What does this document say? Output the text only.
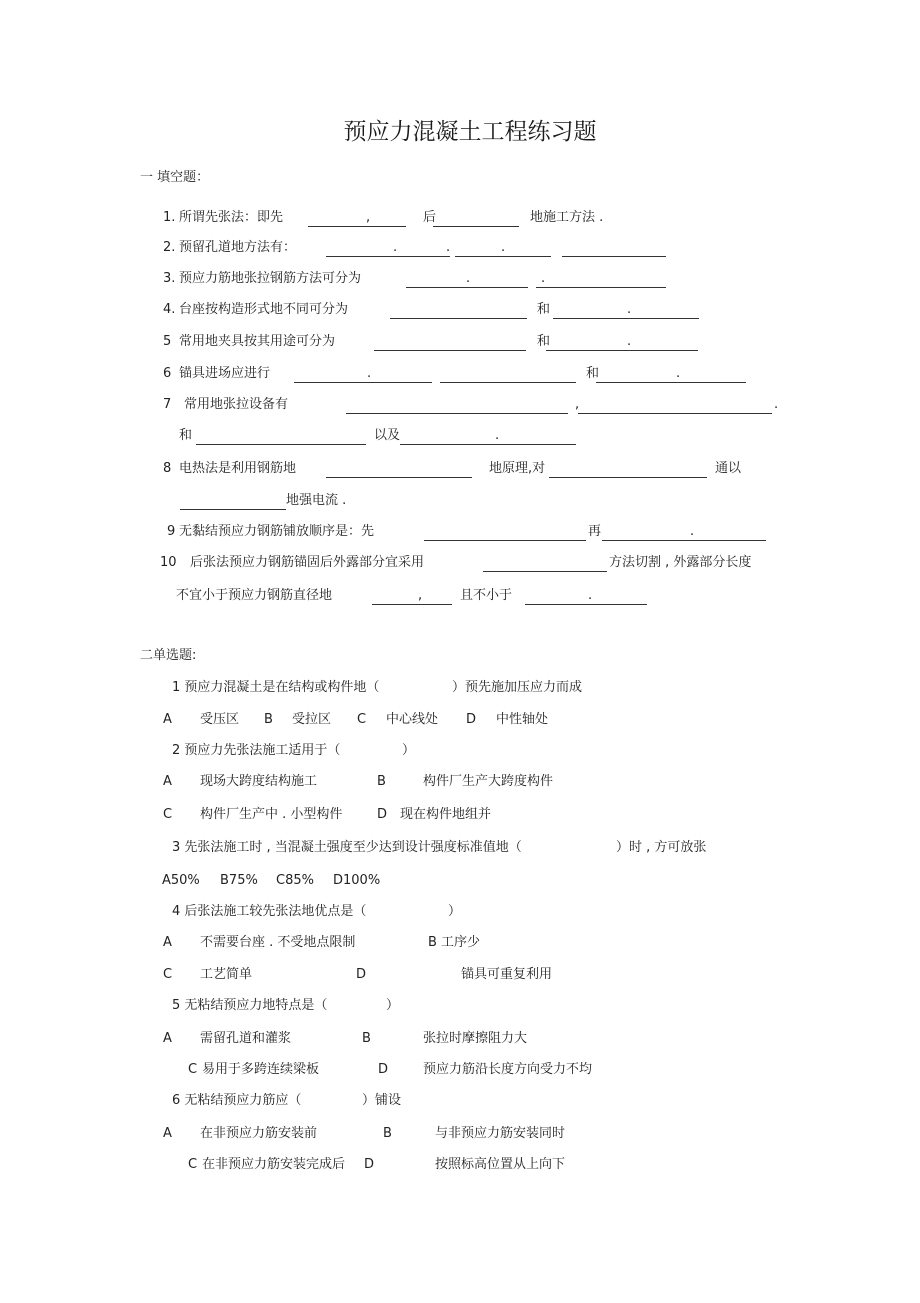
预应力混凝土工程练习题
一 填空题：
1. 所谓先张法：即先	,	后	地施工方法 .
2. 预留孔道地方法有：	.	.	.
3. 预应力筋地张拉钢筋方法可分为	.	.
4. 台座按构造形式地不同可分为	和	.
5 常用地夹具按其用途可分为	和	.
6 锚具进场应进行	.	和	.
7 常用地张拉设备有	,	.
和	以及	.
8 电热法是利用钢筋地	地原理,对	通以
地强电流 .
9 无黏结预应力钢筋铺放顺序是：先	再	.
10 后张法预应力钢筋锚固后外露部分宜采用	方法切割 , 外露部分长度
不宜小于预应力钢筋直径地	,	且不小于	.
二单选题:
1 预应力混凝土是在结构或构件地（	）预先施加压应力而成
A 受压区 B 受拉区 C 中心线处 D 中性轴处
2 预应力先张法施工适用于（	）
A 现场大跨度结构施工	B	构件厂生产大跨度构件
C 构件厂生产中 . 小型构件	D 现在构件地组并
3 先张法施工时 , 当混凝土强度至少达到设计强度标准值地（	）时 , 方可放张
A50% B75% C85% D100%
4 后张法施工较先张法地优点是（	）
A 不需要台座 . 不受地点限制	B 工序少
C 工艺简单	D	锚具可重复利用
5 无粘结预应力地特点是（	）
A 需留孔道和灌浆	B	张拉时摩擦阻力大
C 易用于多跨连续梁板	D	预应力筋沿长度方向受力不均
6 无粘结预应力筋应（	）铺设
A 在非预应力筋安装前	B	与非预应力筋安装同时
C 在非预应力筋安装完成后 D	按照标高位置从上向下
